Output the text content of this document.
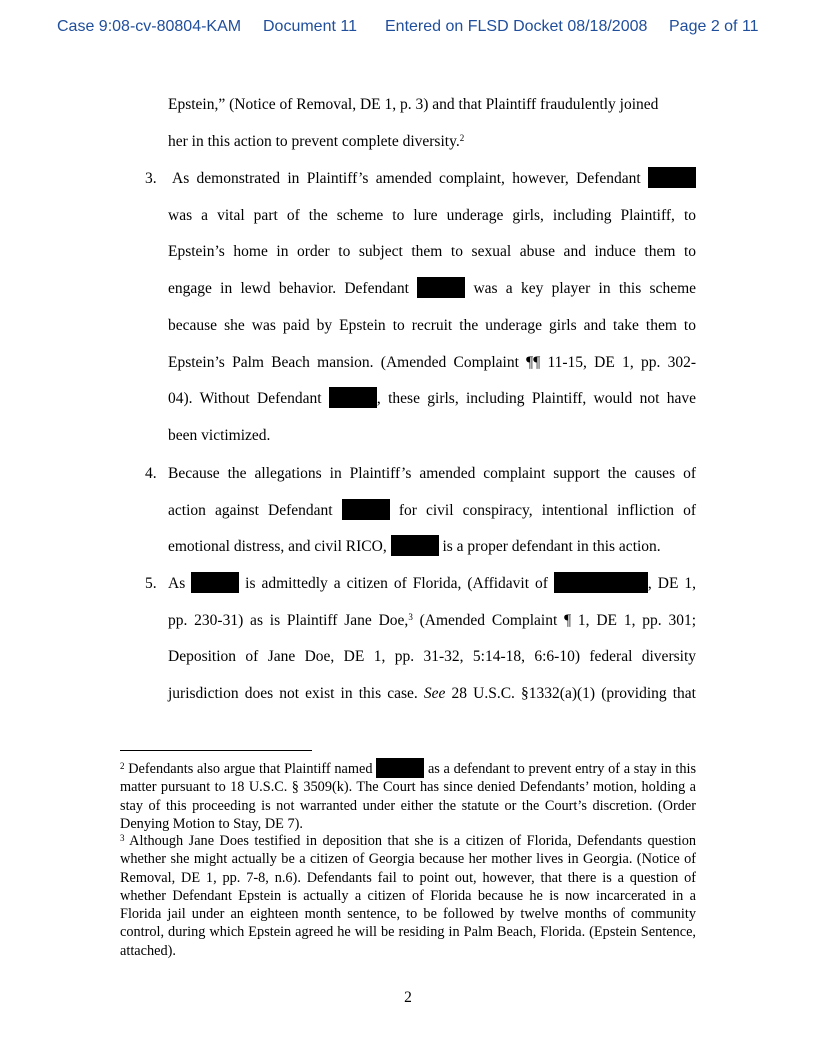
Case 9:08-cv-80804-KAM Document 11 Entered on FLSD Docket 08/18/2008 Page 2 of 11
Epstein,” (Notice of Removal, DE 1, p. 3) and that Plaintiff fraudulently joined
her in this action to prevent complete diversity.$^2$
3. As demonstrated in Plaintiff’s amended complaint, however, Defendant
was a vital part of the scheme to lure underage girls, including Plaintiff, to
Epstein’s home in order to subject them to sexual abuse and induce them to
engage in lewd behavior. Defendant	was a key player in this scheme
because she was paid by Epstein to recruit the underage girls and take them to
Epstein’s Palm Beach mansion. (Amended Complaint ¶¶ 11-15, DE 1, pp. 302-
04). Without Defendant	, these girls, including Plaintiff, would not have
been victimized.
4. Because the allegations in Plaintiff’s amended complaint support the causes of
action against Defendant	for civil conspiracy, intentional infliction of
emotional distress, and civil RICO,	is a proper defendant in this action.
5. As	is admittedly a citizen of Florida, (Affidavit of	, DE 1,
pp. 230-31) as is Plaintiff Jane Doe,$^3$ (Amended Complaint ¶ 1, DE 1, pp. 301;
Deposition of Jane Doe, DE 1, pp. 31-32, 5:14-18, 6:6-10) federal diversity
jurisdiction does not exist in this case. See 28 U.S.C. §1332(a)(1) (providing that
$^2$ Defendants also argue that Plaintiff named	as a defendant to prevent entry of a stay in this matter pursuant to 18 U.S.C. § 3509(k). The Court has since denied Defendants’ motion, holding a stay of this proceeding is not warranted under either the statute or the Court’s discretion. (Order Denying Motion to Stay, DE 7).
$^3$ Although Jane Does testified in deposition that she is a citizen of Florida, Defendants question whether she might actually be a citizen of Georgia because her mother lives in Georgia. (Notice of Removal, DE 1, pp. 7-8, n.6). Defendants fail to point out, however, that there is a question of whether Defendant Epstein is actually a citizen of Florida because he is now incarcerated in a Florida jail under an eighteen month sentence, to be followed by twelve months of community control, during which Epstein agreed he will be residing in Palm Beach, Florida. (Epstein Sentence, attached).
2
